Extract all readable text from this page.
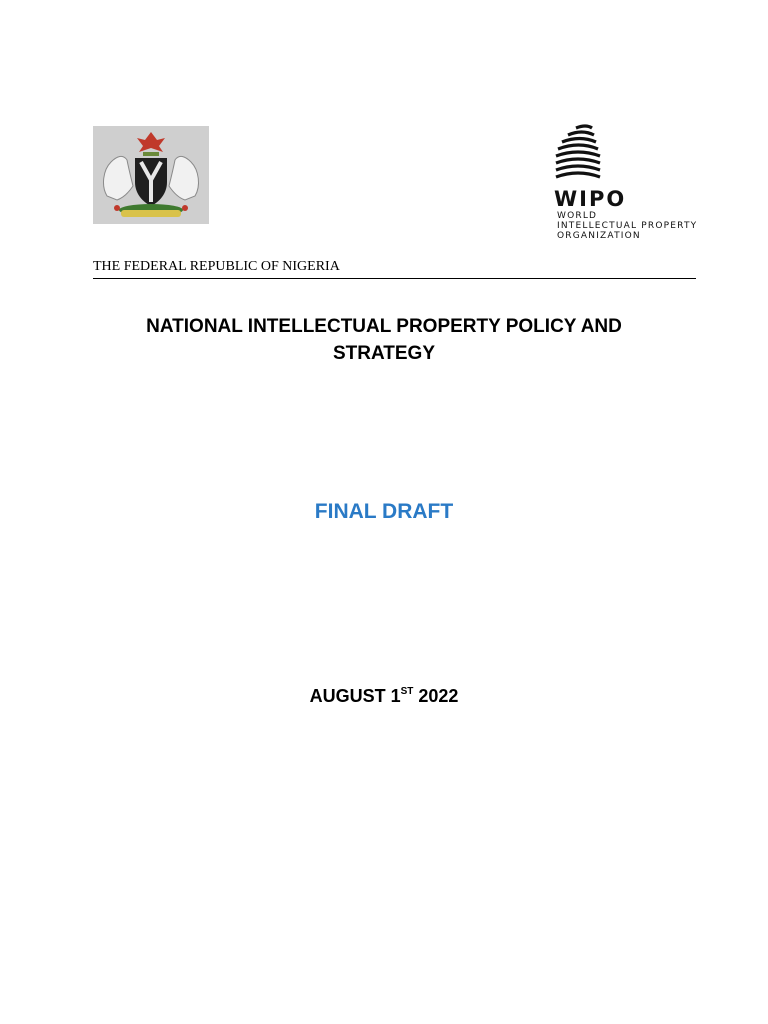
WIPO
WORLD
INTELLECTUAL PROPERTY
ORGANIZATION
THE FEDERAL REPUBLIC OF NIGERIA
NATIONAL INTELLECTUAL PROPERTY POLICY AND STRATEGY
FINAL DRAFT
AUGUST 1ST 2022
